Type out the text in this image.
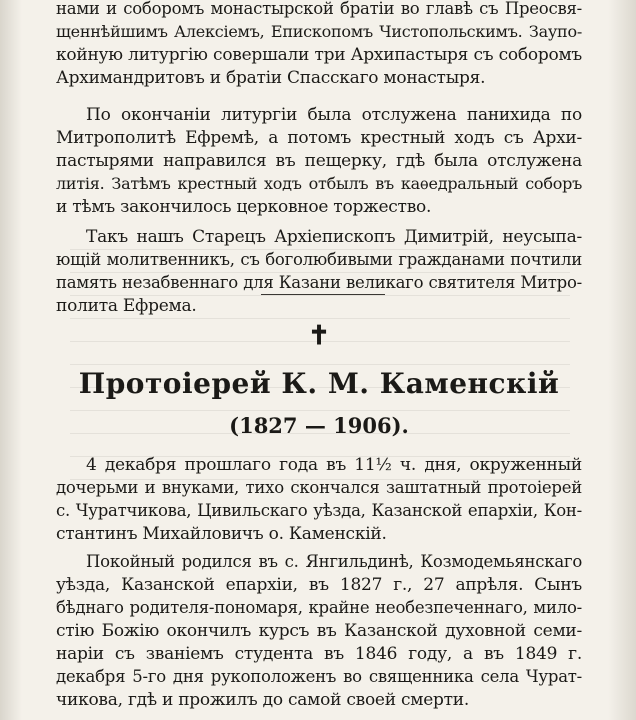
нами и соборомъ монастырской братiи во главѣ съ Преосвя-
щеннѣйшимъ Алексiемъ, Епископомъ Чистопольскимъ. Заупо-
койную литургiю совершали три Архипастыря съ соборомъ
Архимандритовъ и братiи Спасскаго монастыря.
По окончанiи литургiи была отслужена панихида по
Митрополитѣ Ефремѣ, а потомъ крестный ходъ съ Архи-
пастырями направился въ пещерку, гдѣ была отслужена
литiя. Затѣмъ крестный ходъ отбылъ въ каѳедральный соборъ
и тѣмъ закончилось церковное торжество.
Такъ нашъ Старецъ Архiепископъ Димитрiй, неусыпа-
ющiй молитвенникъ, съ боголюбивыми гражданами почтили
память незабвеннаго для Казани великаго святителя Митро-
полита Ефрема.
✝
Протоiерей К. М. Каменскiй
(1827 — 1906).
4 декабря прошлаго года въ 11½ ч. дня, окруженный
дочерьми и внуками, тихо скончался заштатный протоiерей
с. Чуратчикова, Цивильскаго уѣзда, Казанской епархiи, Кон-
стантинъ Михайловичъ о. Каменскiй.
Покойный родился въ с. Янгильдинѣ, Козмодемьянскаго
уѣзда, Казанской епархiи, въ 1827 г., 27 апрѣля. Сынъ
бѣднаго родителя-пономаря, крайне необезпеченнаго, мило-
стiю Божiю окончилъ курсъ въ Казанской духовной семи-
нарiи съ званiемъ студента въ 1846 году, а въ 1849 г.
декабря 5-го дня рукоположенъ во священника села Чурат-
чикова, гдѣ и прожилъ до самой своей смерти.
